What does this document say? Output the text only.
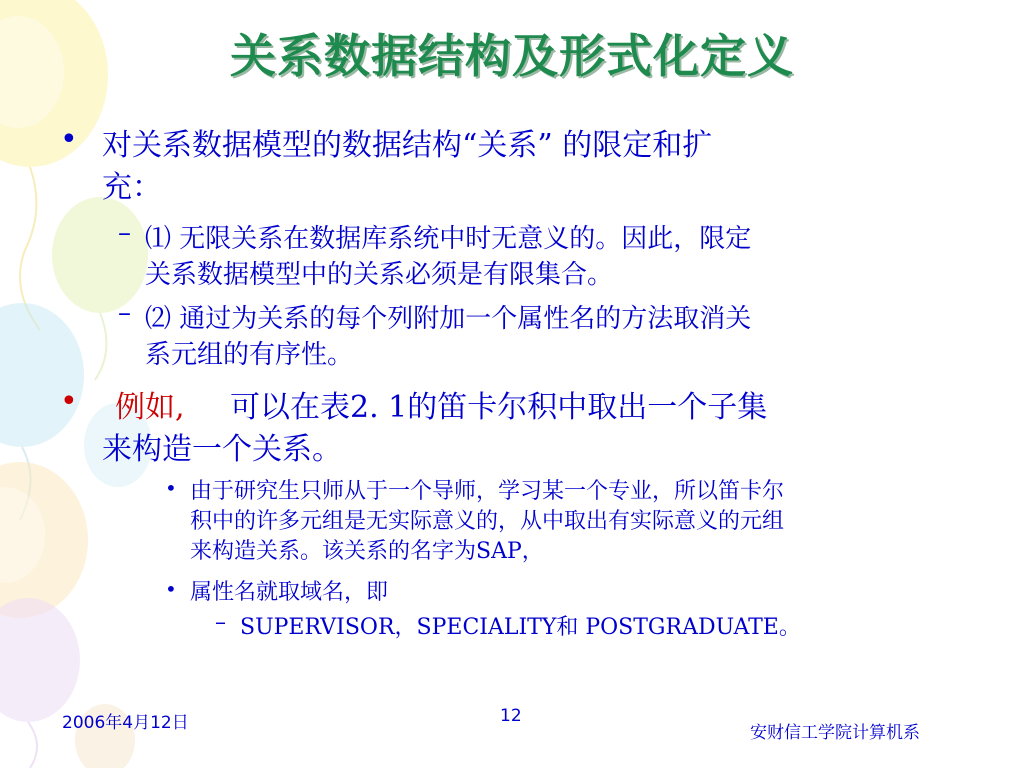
关系数据结构及形式化定义
• 对关系数据模型的数据结构“关系” 的限定和扩
充：
– ⑴ 无限关系在数据库系统中时无意义的。因此，限定
关系数据模型中的关系必须是有限集合。
– ⑵ 通过为关系的每个列附加一个属性名的方法取消关
系元组的有序性。
• 例如, 可以在表2. 1的笛卡尔积中取出一个子集
来构造一个关系。
• 由于研究生只师从于一个导师，学习某一个专业，所以笛卡尔
积中的许多元组是无实际意义的，从中取出有实际意义的元组
来构造关系。该关系的名字为SAP，
• 属性名就取域名，即
– SUPERVISOR，SPECIALITY和 POSTGRADUATE。
2006年4月12日	12
安财信工学院计算机系
